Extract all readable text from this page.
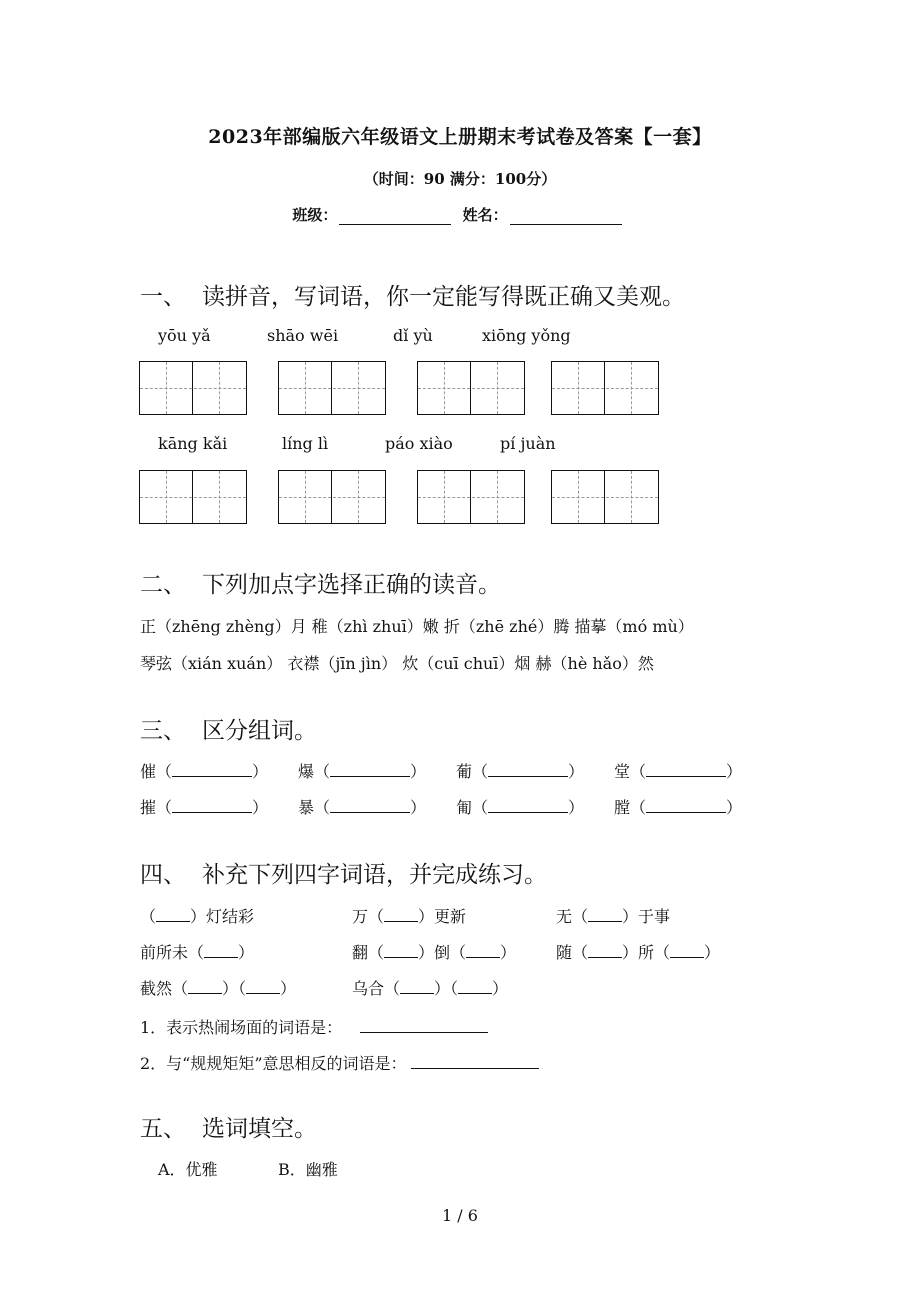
2023年部编版六年级语文上册期末考试卷及答案【一套】
（时间：90 满分：100分）
班级：	姓名：
一、 读拼音，写词语，你一定能写得既正确又美观。
yōu yǎ	shāo wēi	dǐ yù	xiōng yǒng
kāng kǎi	líng lì	páo xiào	pí juàn
二、 下列加点字选择正确的读音。
正（zhēng zhèng）月 稚（zhì zhuī）嫩 折（zhē zhé）腾 描摹（mó mù）
琴弦（xián xuán） 衣襟（jīn jìn） 炊（cuī chuī）烟 赫（hè hǎo）然
三、 区分组词。
催（	） 爆（	） 葡（	） 堂（	）
摧（	） 暴（	） 匍（	） 膛（	）
四、 补充下列四字词语，并完成练习。
（ ）灯结彩	万（ ）更新	无（ ）于事
前所未（ ）	翻（ ）倒（ ） 随（ ）所（ ）
截然（ ）（ ）	乌合（ ）（ ）
1．表示热闹场面的词语是：
2．与“规规矩矩”意思相反的词语是：
五、 选词填空。
A．优雅	B．幽雅
1 / 6
